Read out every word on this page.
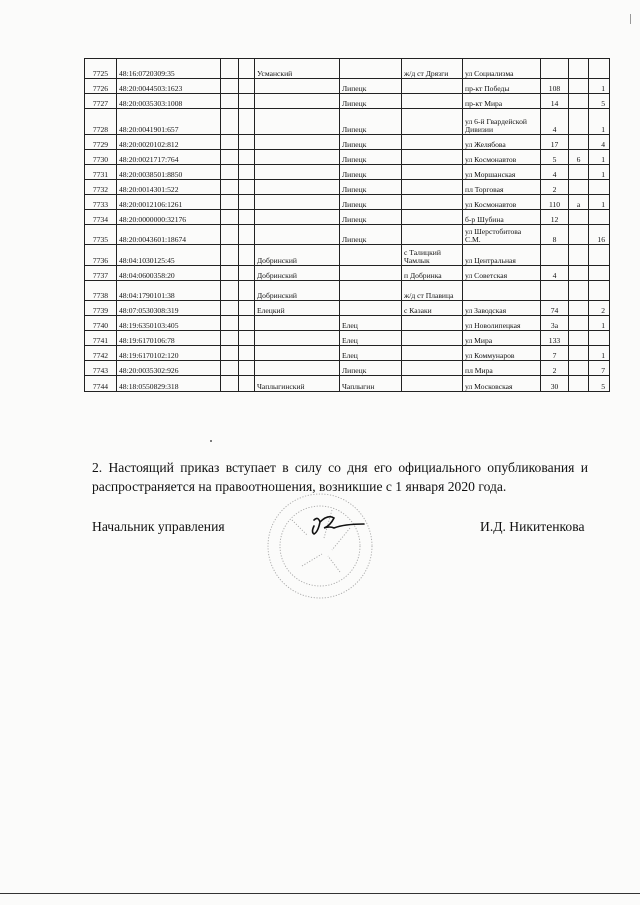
7725	48:16:0720309:35			Усманский		ж/д ст Дрязги	ул Социализма			
7726	48:20:0044503:1623				Липецк		пр-кт Победы	108		1
7727	48:20:0035303:1008				Липецк		пр-кт Мира	14		5
7728	48:20:0041901:657				Липецк		ул 6-й Гвардейской Дивизии	4		1
7729	48:20:0020102:812				Липецк		ул Желябова	17		4
7730	48:20:0021717:764				Липецк		ул Космонавтов	5	6	1
7731	48:20:0038501:8850				Липецк		ул Моршанская	4		1
7732	48:20:0014301:522				Липецк		пл Торговая	2		
7733	48:20:0012106:1261				Липецк		ул Космонавтов	110	а	1
7734	48:20:0000000:32176				Липецк		б-р Шубина	12		
7735	48:20:0043601:18674				Липецк		ул Шерстобитова С.М.	8		16
7736	48:04:1030125:45			Добринский		с Талицкий Чамлык	ул Центральная			
7737	48:04:0600358:20			Добринский		п Добринка	ул Советская	4		
7738	48:04:1790101:38			Добринский		ж/д ст Плавица				
7739	48:07:0530308:319			Елецкий		с Казаки	ул Заводская	74		2
7740	48:19:6350103:405				Елец		ул Новолипецкая	3а		1
7741	48:19:6170106:78				Елец		ул Мира	133		
7742	48:19:6170102:120				Елец		ул Коммунаров	7		1
7743	48:20:0035302:926				Липецк		пл Мира	2		7
7744	48:18:0550829:318			Чаплыгинский	Чаплыгин		ул Московская	30		5

2. Настоящий приказ вступает в силу со дня его официального опубликования и распространяется на правоотношения, возникшие с 1 января 2020 года.

Начальник управления	И.Д. Никитенкова
